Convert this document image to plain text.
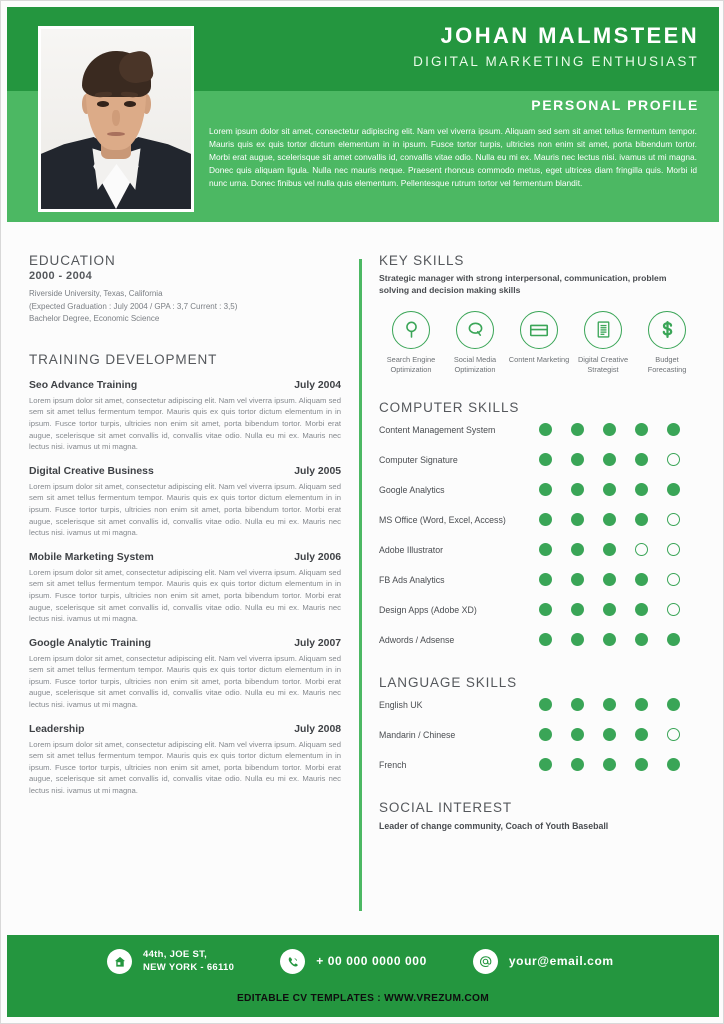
JOHAN MALMSTEEN
DIGITAL MARKETING ENTHUSIAST
PERSONAL PROFILE
Lorem ipsum dolor sit amet, consectetur adipiscing elit. Nam vel viverra ipsum. Aliquam sed sem sit amet tellus fermentum tempor. Mauris quis ex quis tortor dictum elementum in in ipsum. Fusce tortor turpis, ultricies non enim sit amet, porta bibendum tortor. Morbi erat augue, scelerisque sit amet convallis id, convallis vitae odio. Nulla eu mi ex. Mauris nec lectus nisi. ivamus ut mi magna. Donec quis aliquam ligula. Nulla nec mauris neque. Praesent rhoncus commodo metus, eget ultrices diam fringilla quis. Morbi id nunc urna. Donec finibus vel nulla quis elementum. Pellentesque rutrum tortor vel fermentum blandit.
EDUCATION
2000 - 2004
Riverside University, Texas, California
(Expected Graduation : July 2004 / GPA : 3,7 Current : 3,5)
Bachelor Degree, Economic Science
TRAINING DEVELOPMENT
Seo Advance Training	July 2004
Lorem ipsum dolor sit amet, consectetur adipiscing elit. Nam vel viverra ipsum. Aliquam sed sem sit amet tellus fermentum tempor. Mauris quis ex quis tortor dictum elementum in in ipsum. Fusce tortor turpis, ultricies non enim sit amet, porta bibendum tortor. Morbi erat augue, scelerisque sit amet convallis id, convallis vitae odio. Nulla eu mi ex. Mauris nec lectus nisi. ivamus ut mi magna.
Digital Creative Business	July 2005
Lorem ipsum dolor sit amet, consectetur adipiscing elit. Nam vel viverra ipsum. Aliquam sed sem sit amet tellus fermentum tempor. Mauris quis ex quis tortor dictum elementum in in ipsum. Fusce tortor turpis, ultricies non enim sit amet, porta bibendum tortor. Morbi erat augue, scelerisque sit amet convallis id, convallis vitae odio. Nulla eu mi ex. Mauris nec lectus nisi. ivamus ut mi magna.
Mobile Marketing System	July 2006
Lorem ipsum dolor sit amet, consectetur adipiscing elit. Nam vel viverra ipsum. Aliquam sed sem sit amet tellus fermentum tempor. Mauris quis ex quis tortor dictum elementum in in ipsum. Fusce tortor turpis, ultricies non enim sit amet, porta bibendum tortor. Morbi erat augue, scelerisque sit amet convallis id, convallis vitae odio. Nulla eu mi ex. Mauris nec lectus nisi. ivamus ut mi magna.
Google Analytic Training	July 2007
Lorem ipsum dolor sit amet, consectetur adipiscing elit. Nam vel viverra ipsum. Aliquam sed sem sit amet tellus fermentum tempor. Mauris quis ex quis tortor dictum elementum in in ipsum. Fusce tortor turpis, ultricies non enim sit amet, porta bibendum tortor. Morbi erat augue, scelerisque sit amet convallis id, convallis vitae odio. Nulla eu mi ex. Mauris nec lectus nisi. ivamus ut mi magna.
Leadership	July 2008
Lorem ipsum dolor sit amet, consectetur adipiscing elit. Nam vel viverra ipsum. Aliquam sed sem sit amet tellus fermentum tempor. Mauris quis ex quis tortor dictum elementum in in ipsum. Fusce tortor turpis, ultricies non enim sit amet, porta bibendum tortor. Morbi erat augue, scelerisque sit amet convallis id, convallis vitae odio. Nulla eu mi ex. Mauris nec lectus nisi. ivamus ut mi magna.
KEY SKILLS
Strategic manager with strong interpersonal, communication, problem solving and decision making skills
Search Engine Optimization
Social Media Optimization
Content Marketing	Digital Creative Strategist
Budget Forecasting
COMPUTER SKILLS
Content Management System
Computer Signature
Google Analytics
MS Office (Word, Excel, Access)
Adobe Illustrator
FB Ads Analytics
Design Apps (Adobe XD)
Adwords / Adsense
LANGUAGE SKILLS
English UK
Mandarin / Chinese
French
SOCIAL INTEREST
Leader of change community, Coach of Youth Baseball
44th, JOE ST,
NEW YORK - 66110	+ 00 000 0000 000	your@email.com
EDITABLE CV TEMPLATES : WWW.VREZUM.COM
